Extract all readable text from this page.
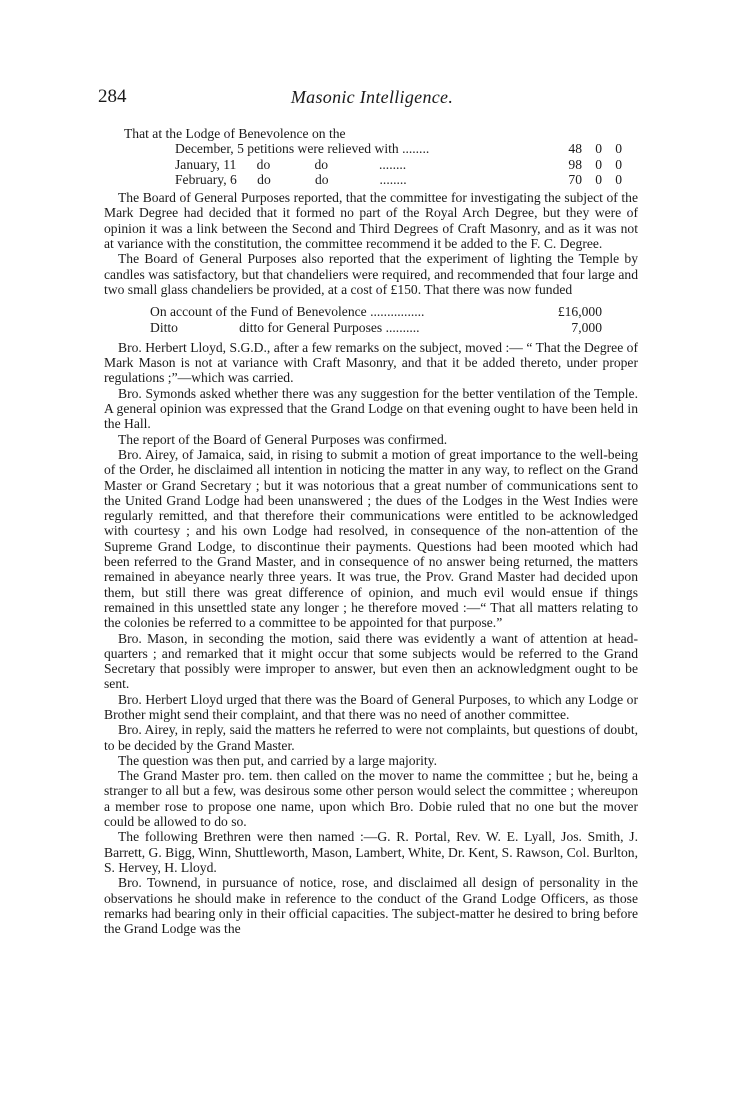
284	Masonic Intelligence.
That at the Lodge of Benevolence on the
December, 5 petitions were relieved with ........	48 0 0
January, 11      do             do               ........	98 0 0
February, 6      do             do               ........	70 0 0

The Board of General Purposes reported, that the committee for investigating the subject of the Mark Degree had decided that it formed no part of the Royal Arch Degree, but they were of opinion it was a link between the Second and Third Degrees of Craft Masonry, and as it was not at variance with the constitution, the committee recommend it be added to the F. C. Degree.

The Board of General Purposes also reported that the experiment of lighting the Temple by candles was satisfactory, but that chandeliers were required, and recommended that four large and two small glass chandeliers be provided, at a cost of £150. That there was now funded

On account of the Fund of Benevolence ................	£16,000
Ditto                  ditto for General Purposes ..........	7,000

Bro. Herbert Lloyd, S.G.D., after a few remarks on the subject, moved :— “ That the Degree of Mark Mason is not at variance with Craft Masonry, and that it be added thereto, under proper regulations ;”—which was carried.

Bro. Symonds asked whether there was any suggestion for the better ventilation of the Temple. A general opinion was expressed that the Grand Lodge on that evening ought to have been held in the Hall.

The report of the Board of General Purposes was confirmed.

Bro. Airey, of Jamaica, said, in rising to submit a motion of great importance to the well-being of the Order, he disclaimed all intention in noticing the matter in any way, to reflect on the Grand Master or Grand Secretary ; but it was notorious that a great number of communications sent to the United Grand Lodge had been unanswered ; the dues of the Lodges in the West Indies were regularly remitted, and that therefore their communications were entitled to be acknowledged with courtesy ; and his own Lodge had resolved, in consequence of the non-attention of the Supreme Grand Lodge, to discontinue their payments. Questions had been mooted which had been referred to the Grand Master, and in consequence of no answer being returned, the matters remained in abeyance nearly three years. It was true, the Prov. Grand Master had decided upon them, but still there was great difference of opinion, and much evil would ensue if things remained in this unsettled state any longer ; he therefore moved :—“ That all matters relating to the colonies be referred to a committee to be appointed for that purpose.”

Bro. Mason, in seconding the motion, said there was evidently a want of attention at head-quarters ; and remarked that it might occur that some subjects would be referred to the Grand Secretary that possibly were improper to answer, but even then an acknowledgment ought to be sent.

Bro. Herbert Lloyd urged that there was the Board of General Purposes, to which any Lodge or Brother might send their complaint, and that there was no need of another committee.

Bro. Airey, in reply, said the matters he referred to were not complaints, but questions of doubt, to be decided by the Grand Master.

The question was then put, and carried by a large majority.

The Grand Master pro. tem. then called on the mover to name the committee ; but he, being a stranger to all but a few, was desirous some other person would select the committee ; whereupon a member rose to propose one name, upon which Bro. Dobie ruled that no one but the mover could be allowed to do so.

The following Brethren were then named :—G. R. Portal, Rev. W. E. Lyall, Jos. Smith, J. Barrett, G. Bigg, Winn, Shuttleworth, Mason, Lambert, White, Dr. Kent, S. Rawson, Col. Burlton, S. Hervey, H. Lloyd.

Bro. Townend, in pursuance of notice, rose, and disclaimed all design of personality in the observations he should make in reference to the conduct of the Grand Lodge Officers, as those remarks had bearing only in their official capacities. The subject-matter he desired to bring before the Grand Lodge was the
